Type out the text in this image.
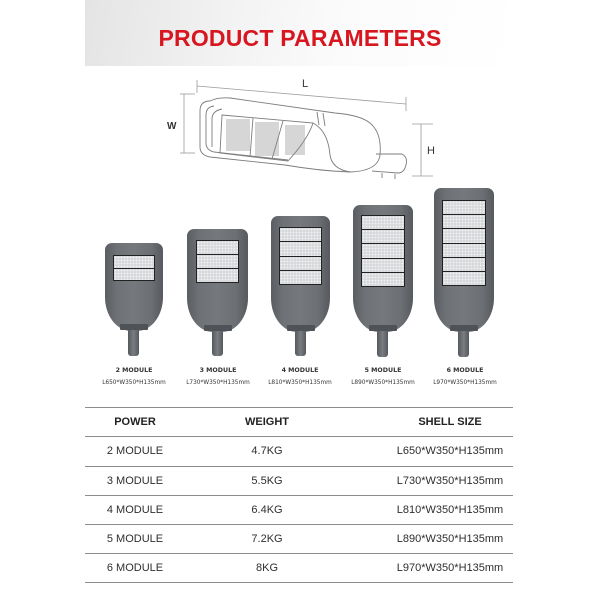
PRODUCT PARAMETERS
L
W
H
2 MODULE
L650*W350*H135mm
3 MODULE
L730*W350*H135mm
4 MODULE
L810*W350*H135mm
5 MODULE
L890*W350*H135mm
6 MODULE
L970*W350*H135mm
POWER	WEIGHT	SHELL SIZE
2 MODULE	4.7KG	L650*W350*H135mm
3 MODULE	5.5KG	L730*W350*H135mm
4 MODULE	6.4KG	L810*W350*H135mm
5 MODULE	7.2KG	L890*W350*H135mm
6 MODULE	8KG	L970*W350*H135mm
